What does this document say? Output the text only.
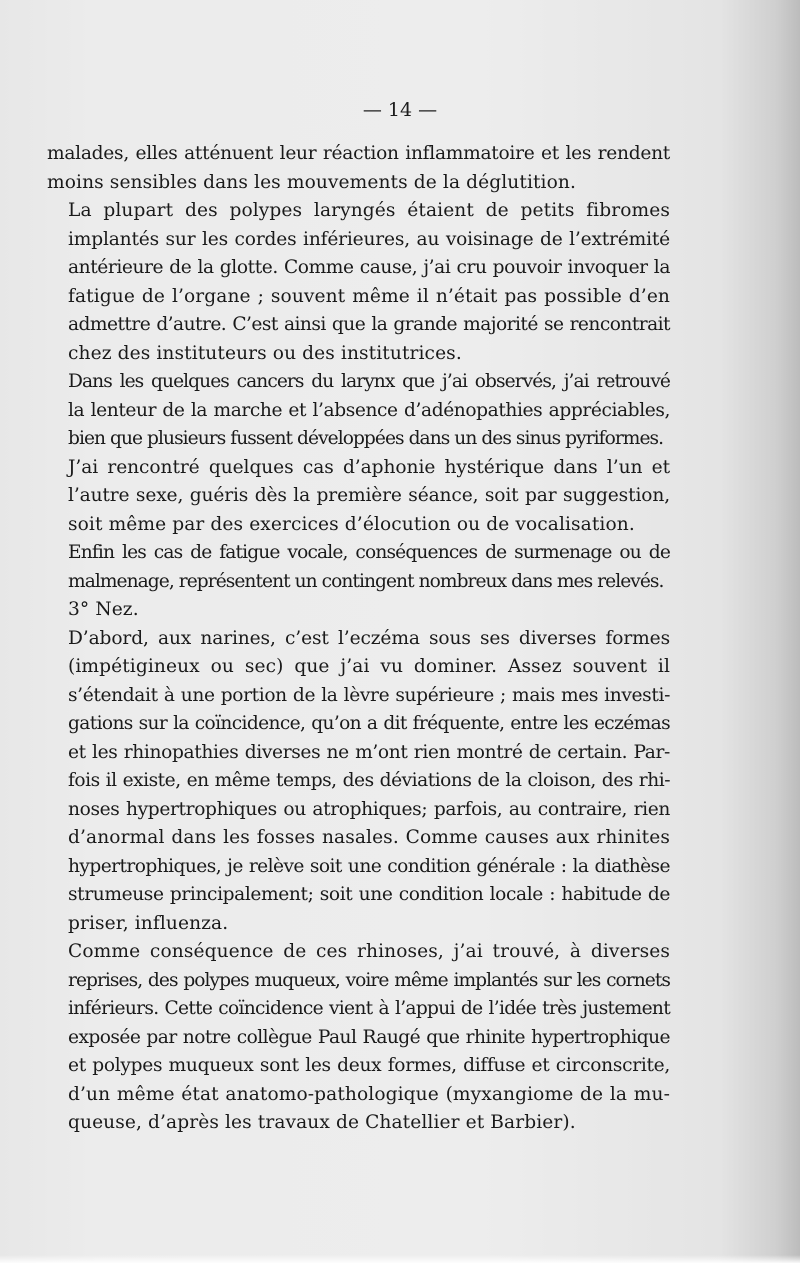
— 14 —

malades, elles atténuent leur réaction inflammatoire et les rendent
moins sensibles dans les mouvements de la déglutition.

La plupart des polypes laryngés étaient de petits fibromes
implantés sur les cordes inférieures, au voisinage de l’extrémité
antérieure de la glotte. Comme cause, j’ai cru pouvoir invoquer la
fatigue de l’organe ; souvent même il n’était pas possible d’en
admettre d’autre. C’est ainsi que la grande majorité se rencontrait
chez des instituteurs ou des institutrices.

Dans les quelques cancers du larynx que j’ai observés, j’ai retrouvé
la lenteur de la marche et l’absence d’adénopathies appréciables,
bien que plusieurs fussent développées dans un des sinus pyriformes.

J’ai rencontré quelques cas d’aphonie hystérique dans l’un et
l’autre sexe, guéris dès la première séance, soit par suggestion,
soit même par des exercices d’élocution ou de vocalisation.

Enfin les cas de fatigue vocale, conséquences de surmenage ou de
malmenage, représentent un contingent nombreux dans mes relevés.

3° Nez.

D’abord, aux narines, c’est l’eczéma sous ses diverses formes
(impétigineux ou sec) que j’ai vu dominer. Assez souvent il
s’étendait à une portion de la lèvre supérieure ; mais mes investi-
gations sur la coïncidence, qu’on a dit fréquente, entre les eczémas
et les rhinopathies diverses ne m’ont rien montré de certain. Par-
fois il existe, en même temps, des déviations de la cloison, des rhi-
noses hypertrophiques ou atrophiques; parfois, au contraire, rien
d’anormal dans les fosses nasales. Comme causes aux rhinites
hypertrophiques, je relève soit une condition générale : la diathèse
strumeuse principalement; soit une condition locale : habitude de
priser, influenza.

Comme conséquence de ces rhinoses, j’ai trouvé, à diverses
reprises, des polypes muqueux, voire même implantés sur les cornets
inférieurs. Cette coïncidence vient à l’appui de l’idée très justement
exposée par notre collègue Paul Raugé que rhinite hypertrophique
et polypes muqueux sont les deux formes, diffuse et circonscrite,
d’un même état anatomo-pathologique (myxangiome de la mu-
queuse, d’après les travaux de Chatellier et Barbier).
